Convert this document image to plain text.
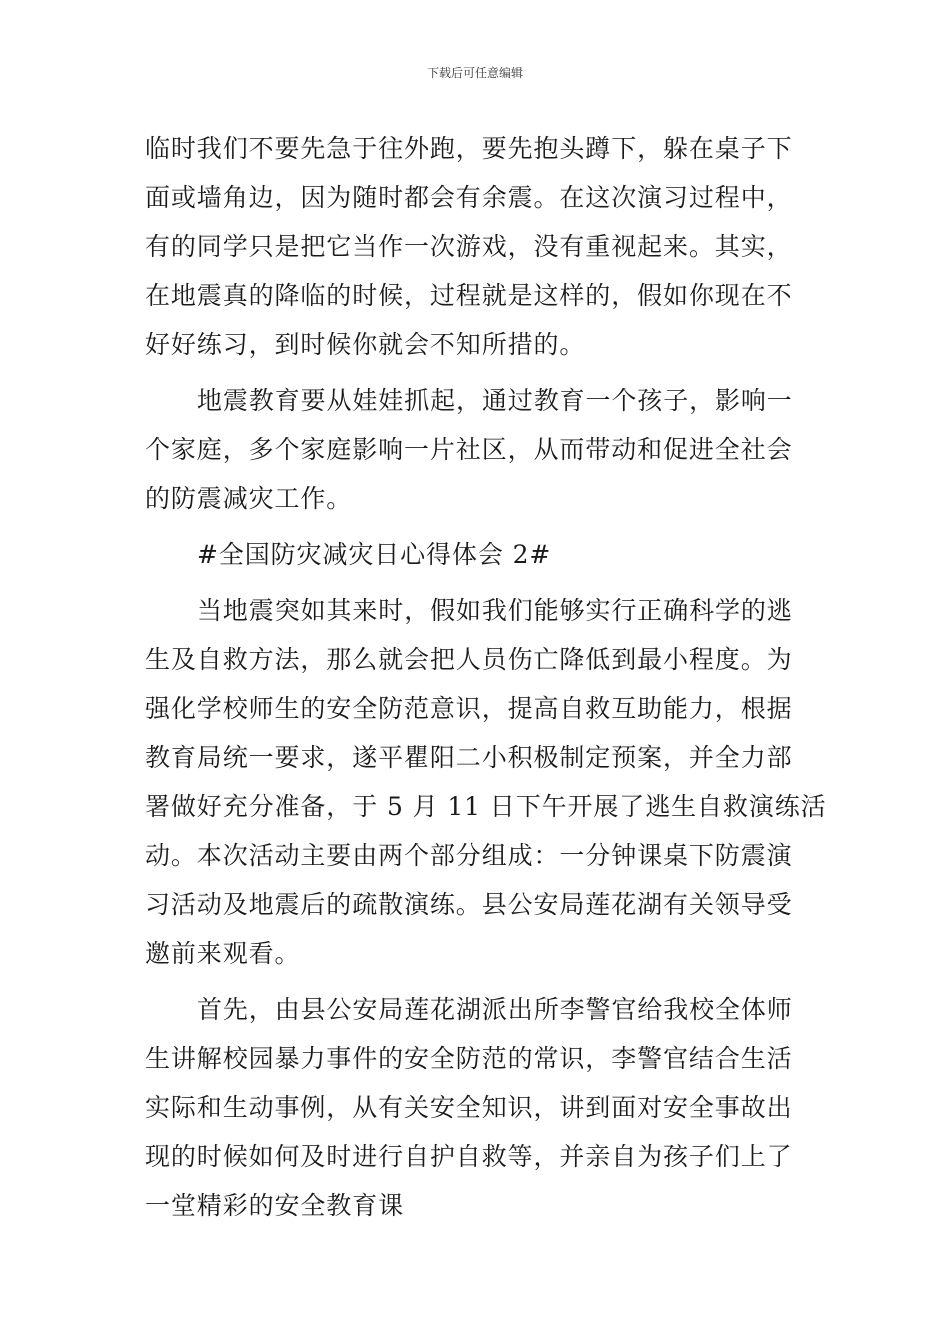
下载后可任意编辑
临时我们不要先急于往外跑，要先抱头蹲下，躲在桌子下
面或墙角边，因为随时都会有余震。在这次演习过程中，
有的同学只是把它当作一次游戏，没有重视起来。其实，
在地震真的降临的时候，过程就是这样的，假如你现在不
好好练习，到时候你就会不知所措的。
地震教育要从娃娃抓起，通过教育一个孩子，影响一
个家庭，多个家庭影响一片社区，从而带动和促进全社会
的防震减灾工作。
#全国防灾减灾日心得体会 2#
当地震突如其来时，假如我们能够实行正确科学的逃
生及自救方法，那么就会把人员伤亡降低到最小程度。为
强化学校师生的安全防范意识，提高自救互助能力，根据
教育局统一要求，遂平瞿阳二小积极制定预案，并全力部
署做好充分准备，于 5 月 11 日下午开展了逃生自救演练活
动。本次活动主要由两个部分组成：一分钟课桌下防震演
习活动及地震后的疏散演练。县公安局莲花湖有关领导受
邀前来观看。
首先，由县公安局莲花湖派出所李警官给我校全体师
生讲解校园暴力事件的安全防范的常识，李警官结合生活
实际和生动事例，从有关安全知识，讲到面对安全事故出
现的时候如何及时进行自护自救等，并亲自为孩子们上了
一堂精彩的安全教育课
